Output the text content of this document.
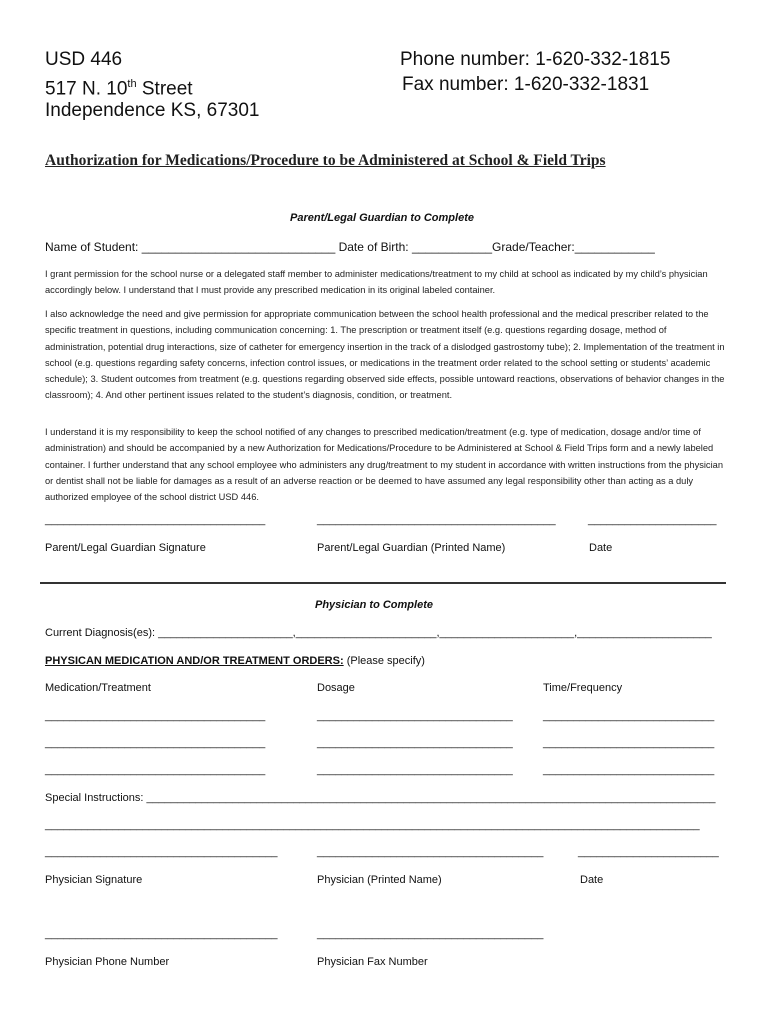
USD 446
517 N. 10th Street
Independence KS, 67301
Phone number: 1-620-332-1815
Fax number: 1-620-332-1831
Authorization for Medications/Procedure to be Administered at School & Field Trips
Parent/Legal Guardian to Complete
Name of Student: _____________________________ Date of Birth: ____________Grade/Teacher:____________
I grant permission for the school nurse or a delegated staff member to administer medications/treatment to my child at school as indicated by my child’s physician accordingly below. I understand that I must provide any prescribed medication in its original labeled container.
I also acknowledge the need and give permission for appropriate communication between the school health professional and the medical prescriber related to the specific treatment in questions, including communication concerning: 1. The prescription or treatment itself (e.g. questions regarding dosage, method of administration, potential drug interactions, size of catheter for emergency insertion in the track of a dislodged gastrostomy tube); 2. Implementation of the treatment in school (e.g. questions regarding safety concerns, infection control issues, or medications in the treatment order related to the school setting or students’ academic schedule); 3. Student outcomes from treatment (e.g. questions regarding observed side effects, possible untoward reactions, observations of behavior changes in the classroom); 4. And other pertinent issues related to the student’s diagnosis, condition, or treatment.
I understand it is my responsibility to keep the school notified of any changes to prescribed medication/treatment (e.g. type of medication, dosage and/or time of administration) and should be accompanied by a new Authorization for Medications/Procedure to be Administered at School & Field Trips form and a newly labeled container. I further understand that any school employee who administers any drug/treatment to my student in accordance with written instructions from the physician or dentist shall not be liable for damages as a result of an adverse reaction or be deemed to have assumed any legal responsibility other than acting as a duly authorized employee of the school district USD 446.
____________________________________	_______________________________________	_____________________
Parent/Legal Guardian Signature	Parent/Legal Guardian (Printed Name)	Date
Physician to Complete
Current Diagnosis(es): ______________________,_______________________,______________________,______________________
PHYSICAN MEDICATION AND/OR TREATMENT ORDERS: (Please specify)
Medication/Treatment	Dosage	Time/Frequency
____________________________________	________________________________	____________________________
____________________________________	________________________________	____________________________
____________________________________	________________________________	____________________________
Special Instructions: _____________________________________________________________________________________________
___________________________________________________________________________________________________________
______________________________________	_____________________________________	_______________________
Physician Signature	Physician (Printed Name)	Date
______________________________________	_____________________________________
Physician Phone Number	Physician Fax Number
